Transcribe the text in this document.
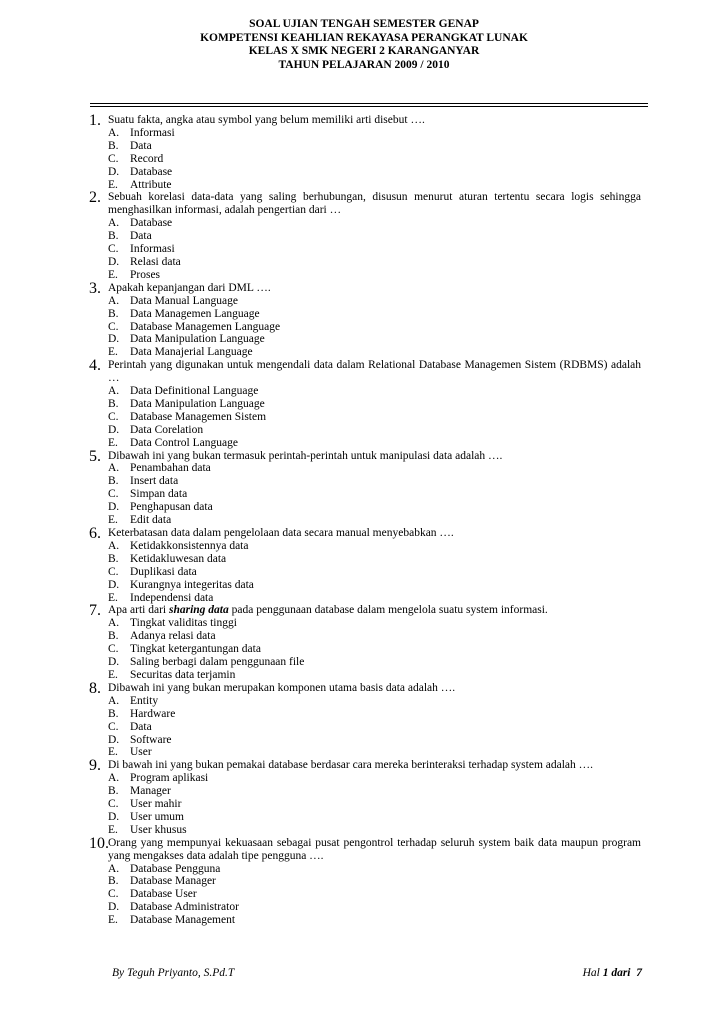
SOAL UJIAN TENGAH SEMESTER GENAP
KOMPETENSI KEAHLIAN REKAYASA PERANGKAT LUNAK
KELAS X SMK NEGERI 2 KARANGANYAR
TAHUN PELAJARAN 2009 / 2010
1. Suatu fakta, angka atau symbol yang belum memiliki arti disebut ….
A. Informasi
B. Data
C. Record
D. Database
E. Attribute
2. Sebuah korelasi data-data yang saling berhubungan, disusun menurut aturan tertentu secara logis sehingga menghasilkan informasi, adalah pengertian dari …
A. Database
B. Data
C. Informasi
D. Relasi data
E. Proses
3. Apakah kepanjangan dari DML ….
A. Data Manual Language
B. Data Managemen Language
C. Database Managemen Language
D. Data Manipulation Language
E. Data Manajerial Language
4. Perintah yang digunakan untuk mengendali data dalam Relational Database Managemen Sistem (RDBMS) adalah …
A. Data Definitional Language
B. Data Manipulation Language
C. Database Managemen Sistem
D. Data Corelation
E. Data Control Language
5. Dibawah ini yang bukan termasuk perintah-perintah untuk manipulasi data adalah ….
A. Penambahan data
B. Insert data
C. Simpan data
D. Penghapusan data
E. Edit data
6. Keterbatasan data dalam pengelolaan data secara manual menyebabkan ….
A. Ketidakkonsistennya data
B. Ketidakluwesan data
C. Duplikasi data
D. Kurangnya integeritas data
E. Independensi data
7. Apa arti dari sharing data pada penggunaan database dalam mengelola suatu system informasi.
A. Tingkat validitas tinggi
B. Adanya relasi data
C. Tingkat ketergantungan data
D. Saling berbagi dalam penggunaan file
E. Securitas data terjamin
8. Dibawah ini yang bukan merupakan komponen utama basis data adalah ….
A. Entity
B. Hardware
C. Data
D. Software
E. User
9. Di bawah ini yang bukan pemakai database berdasar cara mereka berinteraksi terhadap system adalah ….
A. Program aplikasi
B. Manager
C. User mahir
D. User umum
E. User khusus
10. Orang yang mempunyai kekuasaan sebagai pusat pengontrol terhadap seluruh system baik data maupun program yang mengakses data adalah tipe pengguna ….
A. Database Pengguna
B. Database Manager
C. Database User
D. Database Administrator
E. Database Management
By Teguh Priyanto, S.Pd.T	Hal 1 dari 7
